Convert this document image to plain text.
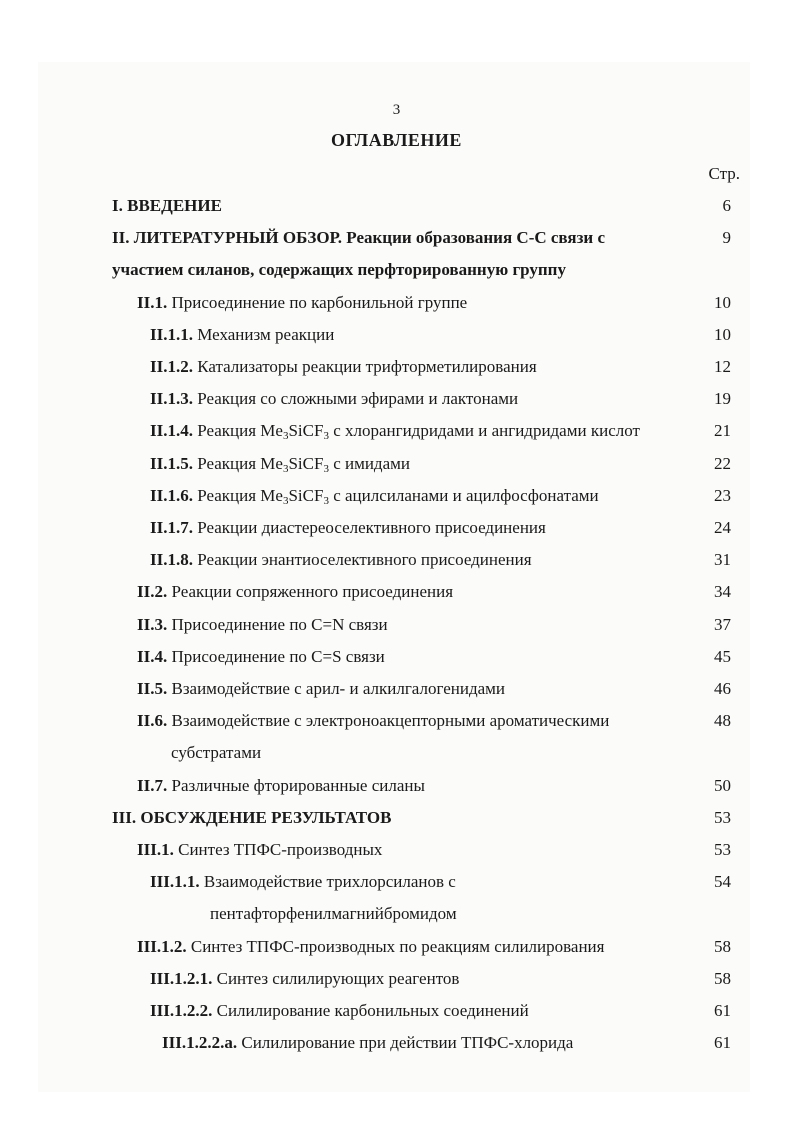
3
ОГЛАВЛЕНИЕ
Стр.
I. ВВЕДЕНИЕ	6
II. ЛИТЕРАТУРНЫЙ ОБЗОР. Реакции образования С-С связи с	9
участием силанов, содержащих перфторированную группу
II.1. Присоединение по карбонильной группе	10
II.1.1. Механизм реакции	10
II.1.2. Катализаторы реакции трифторметилирования	12
II.1.3. Реакция со сложными эфирами и лактонами	19
II.1.4. Реакция $Me_3SiCF_3$ с хлорангидридами и ангидридами кислот	21
II.1.5. Реакция $Me_3SiCF_3$ с имидами	22
II.1.6. Реакция $Me_3SiCF_3$ с ацилсиланами и ацилфосфонатами	23
II.1.7. Реакции диастереоселективного присоединения	24
II.1.8. Реакции энантиоселективного присоединения	31
II.2. Реакции сопряженного присоединения	34
II.3. Присоединение по C=N связи	37
II.4. Присоединение по C=S связи	45
II.5. Взаимодействие с арил- и алкилгалогенидами	46
II.6. Взаимодействие с электроноакцепторными ароматическими	48
субстратами
II.7. Различные фторированные силаны	50
III. ОБСУЖДЕНИЕ РЕЗУЛЬТАТОВ	53
III.1. Синтез ТПФС-производных	53
III.1.1. Взаимодействие трихлорсиланов с	54
пентафторфенилмагнийбромидом
III.1.2. Синтез ТПФС-производных по реакциям силилирования	58
III.1.2.1. Синтез силилирующих реагентов	58
III.1.2.2. Силилирование карбонильных соединений	61
III.1.2.2.а. Силилирование при действии ТПФС-хлорида	61
